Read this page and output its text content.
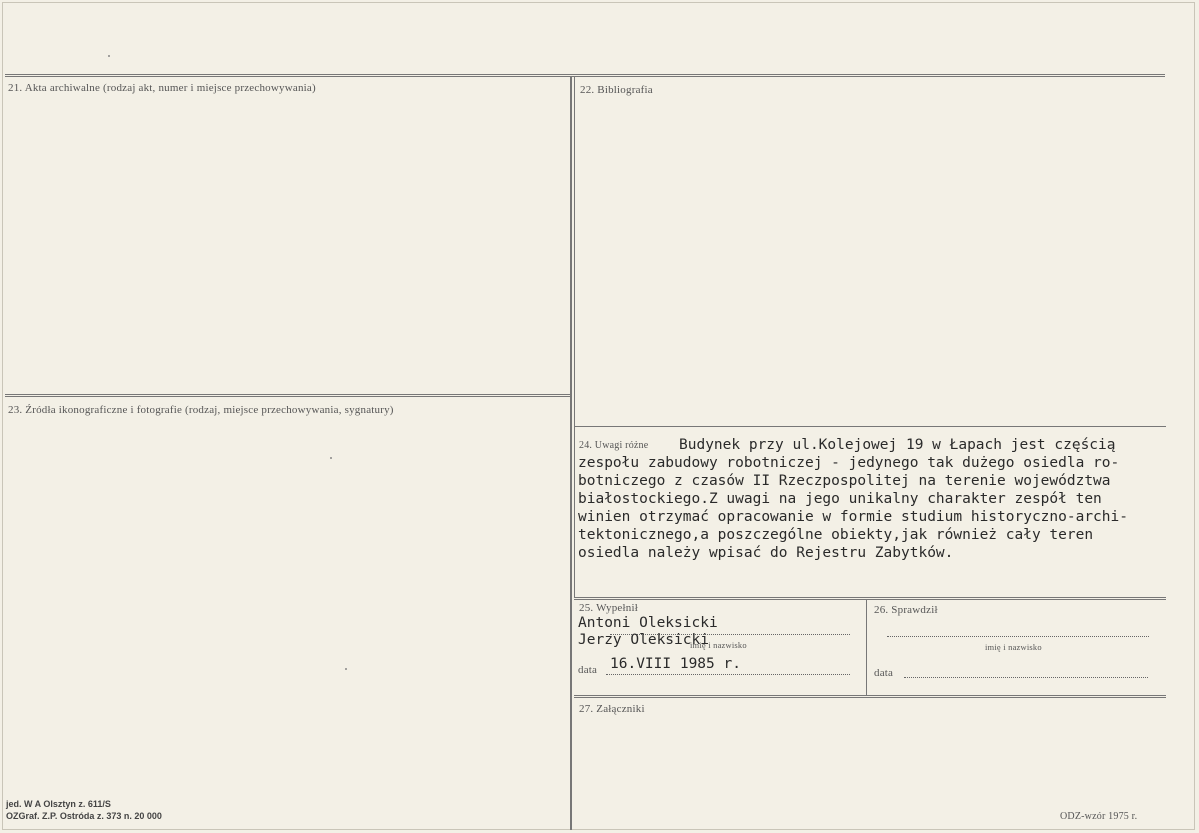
21. Akta archiwalne (rodzaj akt, numer i miejsce przechowywania)	22. Bibliografia
23. Źródła ikonograficzne i fotografie (rodzaj, miejsce przechowywania, sygnatury)
24. Uwagi różne Budynek przy ul.Kolejowej 19 w Łapach jest częścią
zespołu zabudowy robotniczej - jedynego tak dużego osiedla ro-
botniczego z czasów II Rzeczpospolitej na terenie województwa
białostockiego.Z uwagi na jego unikalny charakter zespół ten
winien otrzymać opracowanie w formie studium historyczno-archi-
tektonicznego,a poszczególne obiekty,jak również cały teren
osiedla należy wpisać do Rejestru Zabytków.
25. Wypełnił
Antoni Oleksicki
Jerzy Oleksicki
imię i nazwisko
data 16.VIII 1985 r.
26. Sprawdził
imię i nazwisko
data
27. Załączniki
jed. W A Olsztyn z. 611/S
OZGraf. Z.P. Ostróda z. 373 n. 20 000	ODZ-wzór 1975 r.
